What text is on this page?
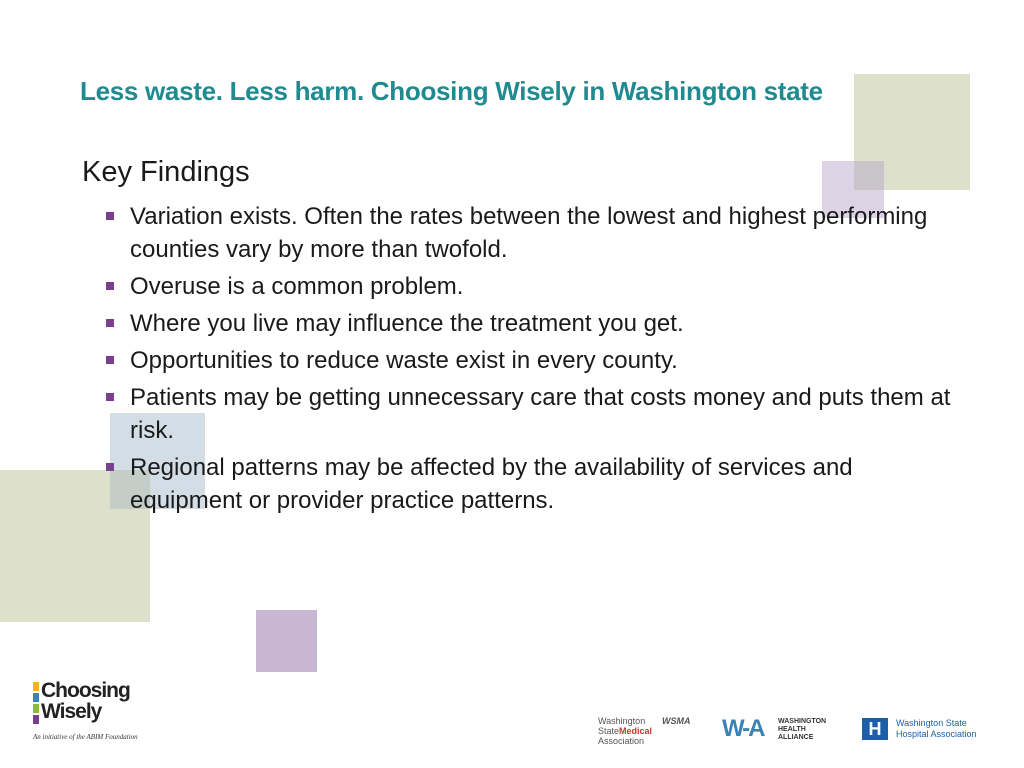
Less waste. Less harm. Choosing Wisely in Washington state
Key Findings
Variation exists. Often the rates between the lowest and highest performing counties vary by more than twofold.
Overuse is a common problem.
Where you live may influence the treatment you get.
Opportunities to reduce waste exist in every county.
Patients may be getting unnecessary care that costs money and puts them at risk.
Regional patterns may be affected by the availability of services and equipment or provider practice patterns.
Choosing
Wisely
An initiative of the ABIM Foundation
Washington
StateMedical
Association
WSMA W-A WASHINGTON
HEALTH
ALLIANCE	H	Washington State
Hospital Association
